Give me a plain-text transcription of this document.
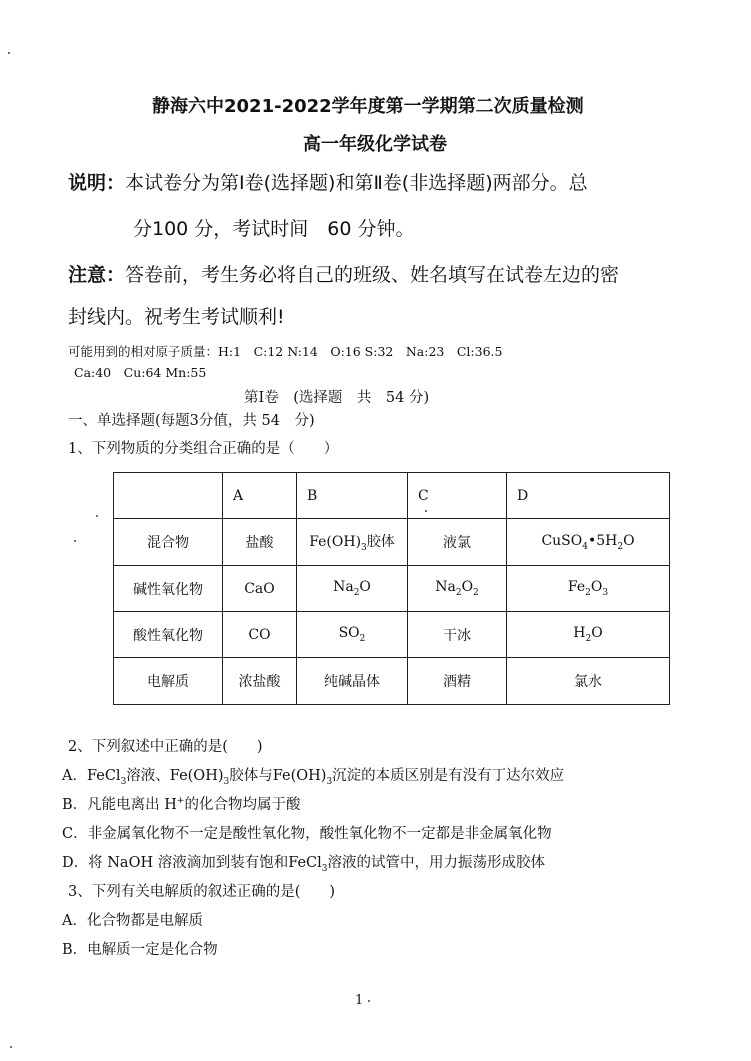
静海六中2021-2022学年度第一学期第二次质量检测
高一年级化学试卷
说明：本试卷分为第Ⅰ卷(选择题)和第Ⅱ卷(非选择题)两部分。总
分100 分，考试时间　60 分钟。
注意：答卷前，考生务必将自己的班级、姓名填写在试卷左边的密
封线内。祝考生考试顺利!
可能用到的相对原子质量：H:1　C:12 N:14　O:16 S:32　Na:23　Cl:36.5
Ca:40　Cu:64 Mn:55
第Ⅰ卷　(选择题　共　54 分)
一、单选择题(每题3分值，共 54　分)
1、下列物质的分类组合正确的是（　　）
	A	B	C	D
混合物	盐酸	$Fe(OH)_3$胶体	液氯	$CuSO_4•5H_2O$
碱性氧化物	CaO	$Na_2O$	$Na_2O_2$	$Fe_2O_3$
酸性氧化物	CO	$SO_2$	干冰	$H_2O$
电解质	浓盐酸	纯碱晶体	酒精	氯水
2、下列叙述中正确的是(　　)
A．FeCl$_3$溶液、$Fe(OH)_3$胶体与$Fe(OH)_3$沉淀的本质区别是有没有丁达尔效应
B．凡能电离出 H+的化合物均属于酸
C．非金属氧化物不一定是酸性氧化物，酸性氧化物不一定都是非金属氧化物
D．将 NaOH 溶液滴加到装有饱和FeCl$_3$溶液的试管中，用力振荡形成胶体
3、下列有关电解质的叙述正确的是(　　)
A．化合物都是电解质
B．电解质一定是化合物
1
